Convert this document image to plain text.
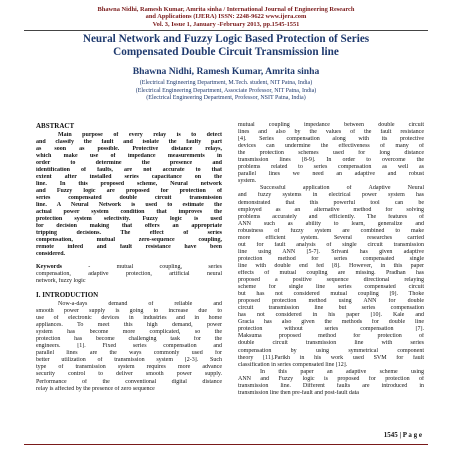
Bhawna Nidhi, Ramesh Kumar, Amrita sinha / International Journal of Engineering Research
and Applications (IJERA) ISSN: 2248-9622 www.ijera.com
Vol. 3, Issue 1, January -February 2013, pp.1545-1551
Neural Network and Fuzzy Logic Based Protection of Series
Compensated Double Circuit Transmission line
Bhawna Nidhi, Ramesh Kumar, Amrita sinha
(Electrical Engineering Department, M.Tech. student, NIT Patna, India)
(Electrical Engineering Department, Associate Professor, NIT Patna, India)
(Electrical Engineering Department, Professor, NSIT Patna, India)
ABSTRACT
Main purpose of every relay is to detect
and classify the fault and isolate the faulty part
as soon as possible. Protective distance relays,
which make use of impedance measurements in
order to determine the presence and
identification of faults, are not accurate to that
extent after installed series capacitance on the
line. In this proposed scheme, Neural network
and Fuzzy logic are proposed for protection of
series compensated double circuit transmission
line. A Neural Network is used to estimate the
actual power system condition that improves the
protection system selectivity. Fuzzy logic is used
for decision making that offers an appropriate
tripping decisions. The effect of series
compensation, mutual zero-sequence coupling,
remote infeed and fault resistance have been
considered.
Keywords	- mutual coupling, series
compensation, adaptive protection, artificial neural
network, fuzzy logic
I. INTRODUCTION
Now-a-days demand of reliable and
smooth power supply is going to increase due to
use of electronic devices in industries and in home
appliances. To meet this high demand, power
system has become more complicated, so the
protection has become challenging task for the
engineers. [1]. Fixed series compensation and
parallel lines are the ways commonly used for
better utilization of transmission system [2-3]. Such
type of transmission system requires more advance
security control to deliver smooth power supply.
Performance of the conventional digital distance
relay is affected by the presence of zero sequence
mutual coupling impedance between double circuit
lines and also by the values of the fault resistance
[4]. Series compensation along with its protective
devices can undermine the effectiveness of many of
the protection schemes used for long distance
transmission lines [8-9]. In order to overcome the
problems related to series compensation as well as
parallel lines we need an adaptive and robust
system.
Successful application of Adaptive Neural
and fuzzy systems in electrical power system has
demonstrated that this powerful tool can be
employed as an alternative method for solving
problems accurately and efficiently. The features of
ANN such as ability to learn, generalize and
robustness of fuzzy system are combined to make
more efficient system. Several researches carried
out for fault analysis of single circuit transmission
line using ANN [5-7]. Srivani has given adaptive
protection method for series compensated single
line with double end fed [8]. However, in this paper
effects of mutual coupling are missing. Pradhan has
proposed a positive sequence directional relaying
scheme for single line series compensated circuit
but has not considered mutual coupling [9]. Thoke
proposed protection method using ANN for double
circuit transmission line but series compensation
has not considered in his paper [10]. Kale and
Gracia has also given the methods for double line
protection without series compensation [7].
Maksuma proposed method for protection of
double circuit transmission line with series
compensation by using symmetrical component
theory [11].Parikh in his work used SVM for fault
classification in series compensated line [12].
In this paper an adaptive scheme using
ANN and Fuzzy logic is proposed for protection of
transmission line. Different faults are introduced in
transmission line then pre-fault and post-fault data
1545 | P a g e
